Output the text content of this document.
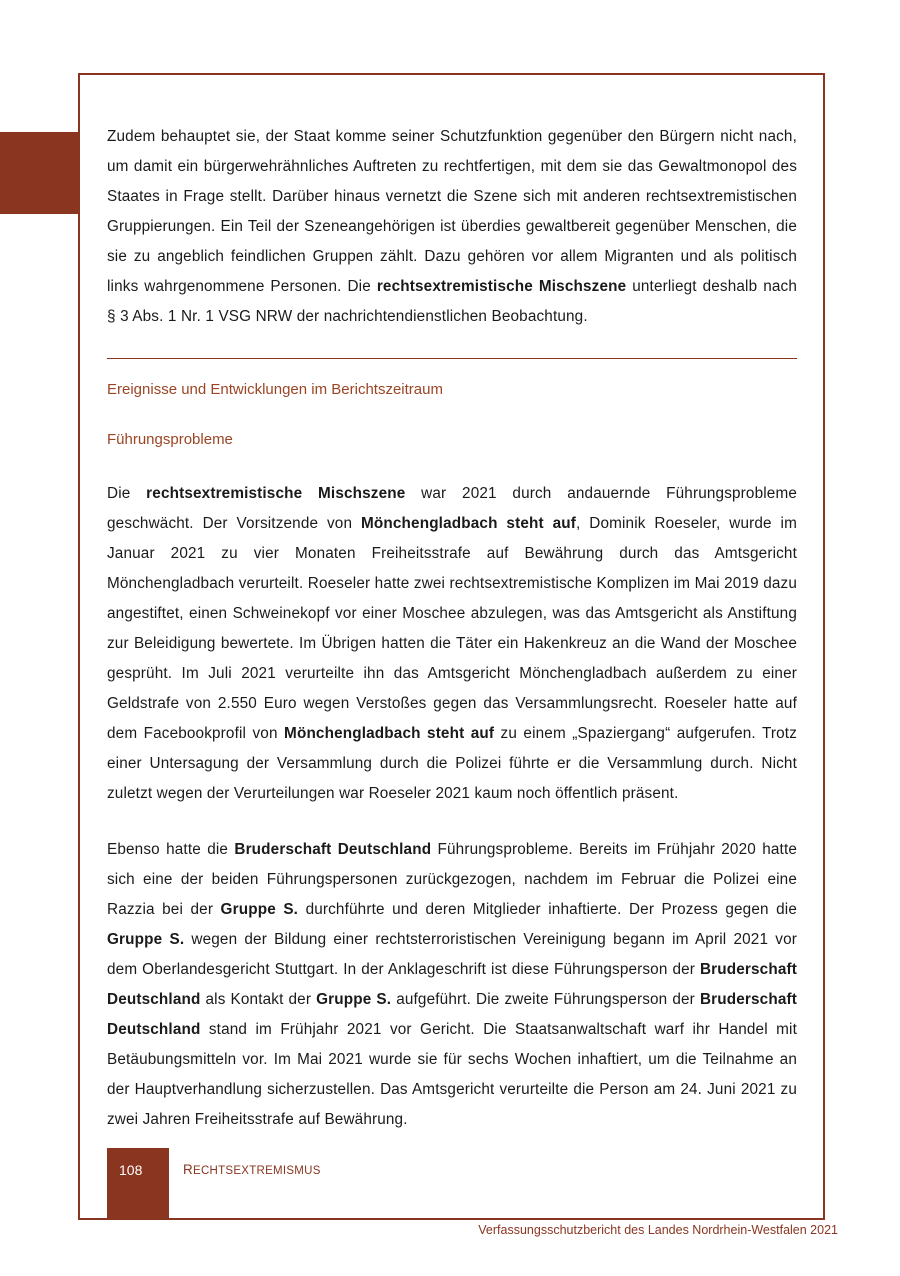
Zudem behauptet sie, der Staat komme seiner Schutzfunktion gegenüber den Bürgern nicht nach, um damit ein bürgerwehrähnliches Auftreten zu rechtfertigen, mit dem sie das Gewaltmonopol des Staates in Frage stellt. Darüber hinaus vernetzt die Szene sich mit anderen rechtsextremistischen Gruppierungen. Ein Teil der Szeneangehörigen ist überdies gewaltbereit gegenüber Menschen, die sie zu angeblich feindlichen Gruppen zählt. Dazu gehören vor allem Migranten und als politisch links wahrgenommene Personen. Die rechtsextremistische Mischszene unterliegt deshalb nach § 3 Abs. 1 Nr. 1 VSG NRW der nachrichtendienstlichen Beobachtung.

Ereignisse und Entwicklungen im Berichtszeitraum
Führungsprobleme

Die rechtsextremistische Mischszene war 2021 durch andauernde Führungsprobleme geschwächt. Der Vorsitzende von Mönchengladbach steht auf, Dominik Roeseler, wurde im Januar 2021 zu vier Monaten Freiheitsstrafe auf Bewährung durch das Amtsgericht Mönchengladbach verurteilt. Roeseler hatte zwei rechtsextremistische Komplizen im Mai 2019 dazu angestiftet, einen Schweinekopf vor einer Moschee abzulegen, was das Amtsgericht als Anstiftung zur Beleidigung bewertete. Im Übrigen hatten die Täter ein Hakenkreuz an die Wand der Moschee gesprüht. Im Juli 2021 verurteilte ihn das Amtsgericht Mönchengladbach außerdem zu einer Geldstrafe von 2.550 Euro wegen Verstoßes gegen das Versammlungsrecht. Roeseler hatte auf dem Facebookprofil von Mönchengladbach steht auf zu einem „Spaziergang“ aufgerufen. Trotz einer Untersagung der Versammlung durch die Polizei führte er die Versammlung durch. Nicht zuletzt wegen der Verurteilungen war Roeseler 2021 kaum noch öffentlich präsent.

Ebenso hatte die Bruderschaft Deutschland Führungsprobleme. Bereits im Frühjahr 2020 hatte sich eine der beiden Führungspersonen zurückgezogen, nachdem im Februar die Polizei eine Razzia bei der Gruppe S. durchführte und deren Mitglieder inhaftierte. Der Prozess gegen die Gruppe S. wegen der Bildung einer rechtsterroristischen Vereinigung begann im April 2021 vor dem Oberlandesgericht Stuttgart. In der Anklageschrift ist diese Führungsperson der Bruderschaft Deutschland als Kontakt der Gruppe S. aufgeführt. Die zweite Führungsperson der Bruderschaft Deutschland stand im Frühjahr 2021 vor Gericht. Die Staatsanwaltschaft warf ihr Handel mit Betäubungsmitteln vor. Im Mai 2021 wurde sie für sechs Wochen inhaftiert, um die Teilnahme an der Hauptverhandlung sicherzustellen. Das Amtsgericht verurteilte die Person am 24. Juni 2021 zu zwei Jahren Freiheitsstrafe auf Bewährung.

108	RECHTSEXTREMISMUS
Verfassungsschutzbericht des Landes Nordrhein-Westfalen 2021
